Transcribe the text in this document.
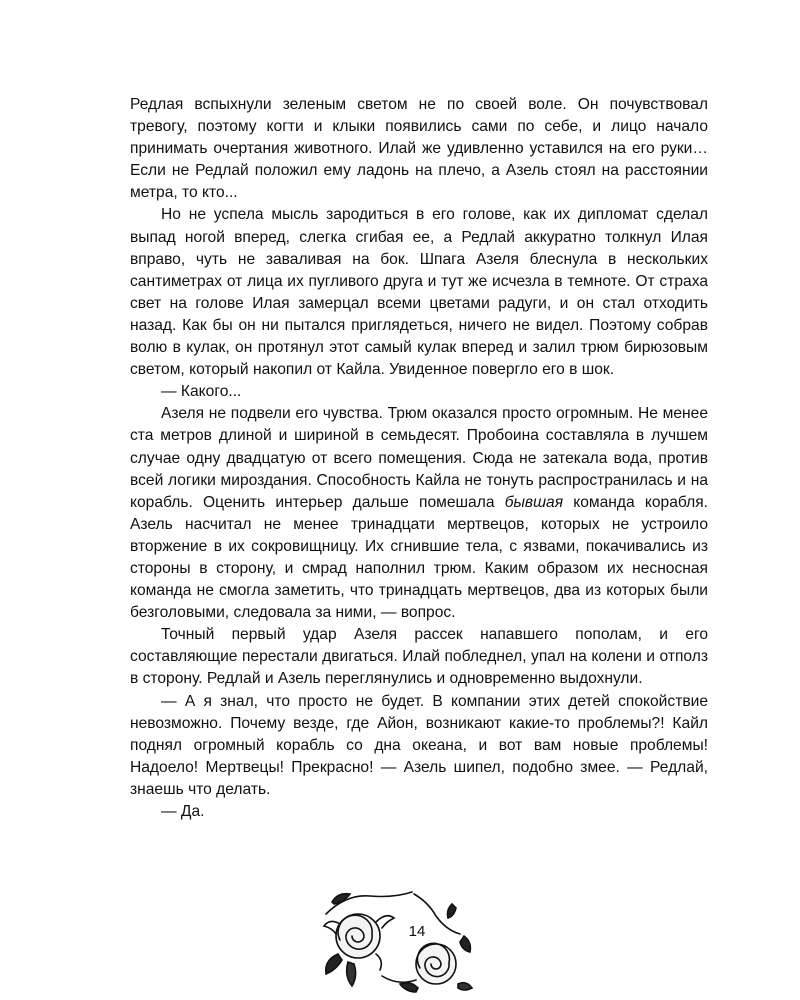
Редлая вспыхнули зеленым светом не по своей воле. Он почувствовал тревогу, поэтому когти и клыки появились сами по себе, и лицо начало принимать очертания животного. Илай же удивленно уставился на его руки… Если не Редлай положил ему ладонь на плечо, а Азель стоял на расстоянии метра, то кто...

Но не успела мысль зародиться в его голове, как их дипломат сделал выпад ногой вперед, слегка сгибая ее, а Редлай аккуратно толкнул Илая вправо, чуть не заваливая на бок. Шпага Азеля блеснула в нескольких сантиметрах от лица их пугливого друга и тут же исчезла в темноте. От страха свет на голове Илая замерцал всеми цветами радуги, и он стал отходить назад. Как бы он ни пытался приглядеться, ничего не видел. Поэтому собрав волю в кулак, он протянул этот самый кулак вперед и залил трюм бирюзовым светом, который накопил от Кайла. Увиденное повергло его в шок.

— Какого...

Азеля не подвели его чувства. Трюм оказался просто огромным. Не менее ста метров длиной и шириной в семьдесят. Пробоина составляла в лучшем случае одну двадцатую от всего помещения. Сюда не затекала вода, против всей логики мироздания. Способность Кайла не тонуть распространилась и на корабль. Оценить интерьер дальше помешала бывшая команда корабля. Азель насчитал не менее тринадцати мертвецов, которых не устроило вторжение в их сокровищницу. Их сгнившие тела, с язвами, покачивались из стороны в сторону, и смрад наполнил трюм. Каким образом их несносная команда не смогла заметить, что тринадцать мертвецов, два из которых были безголовыми, следовала за ними, — вопрос.

Точный первый удар Азеля рассек напавшего пополам, и его составляющие перестали двигаться. Илай побледнел, упал на колени и отполз в сторону. Редлай и Азель переглянулись и одновременно выдохнули.

— А я знал, что просто не будет. В компании этих детей спокойствие невозможно. Почему везде, где Айон, возникают какие-то проблемы?! Кайл поднял огромный корабль со дна океана, и вот вам новые проблемы! Надоело! Мертвецы! Прекрасно! — Азель шипел, подобно змее. — Редлай, знаешь что делать.

— Да.

14
